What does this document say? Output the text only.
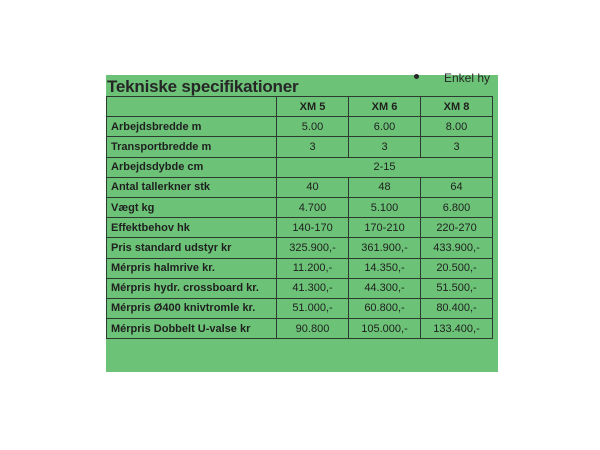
Tekniske specifikationer	Enkel hy
	XM 5	XM 6	XM 8
Arbejdsbredde m	5.00	6.00	8.00
Transportbredde m	3	3	3
Arbejdsdybde cm	2-15		
Antal tallerkner stk	40	48	64
Vægt kg	4.700	5.100	6.800
Effektbehov hk	140-170	170-210	220-270
Pris standard udstyr kr	325.900,-	361.900,-	433.900,-
Mérpris halmrive kr.	11.200,-	14.350,-	20.500,-
Mérpris hydr. crossboard kr.	41.300,-	44.300,-	51.500,-
Mérpris Ø400 knivtromle kr.	51.000,-	60.800,-	80.400,-
Mérpris Dobbelt U-valse kr	90.800	105.000,-	133.400,-
